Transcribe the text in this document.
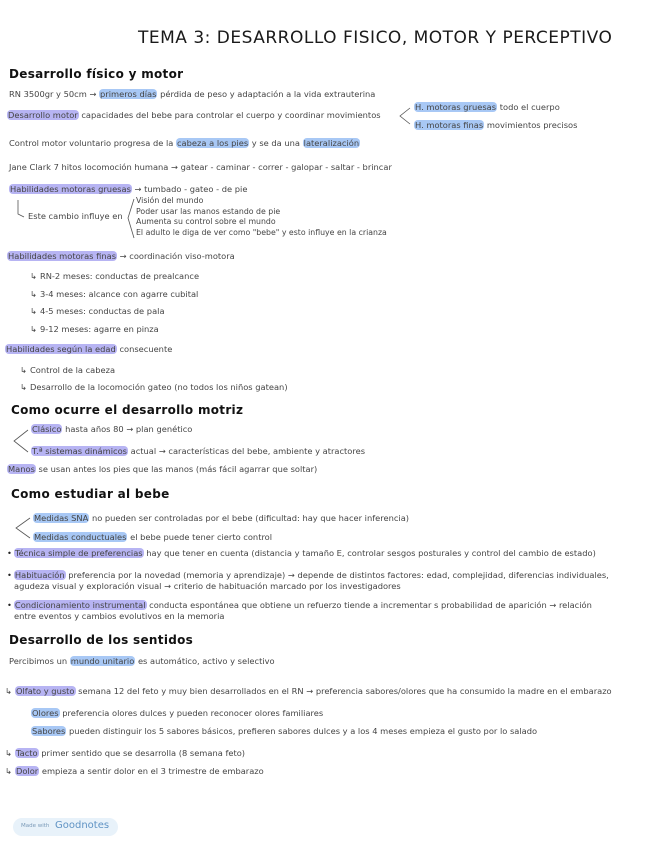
TEMA 3: DESARROLLO FISICO, MOTOR Y PERCEPTIVO
Desarrollo físico y motor
RN 3500gr y 50cm → primeros días pérdida de peso y adaptación a la vida extrauterina
Desarrollo motor capacidades del bebe para controlar el cuerpo y coordinar movimientos
H. motoras gruesas todo el cuerpo
H. motoras finas movimientos precisos
Control motor voluntario progresa de la cabeza a los pies y se da una lateralización
Jane Clark 7 hitos locomoción humana → gatear - caminar - correr - galopar - saltar - brincar
Habilidades motoras gruesas → tumbado - gateo - de pie
Este cambio influye en
Visión del mundo
Poder usar las manos estando de pie
Aumenta su control sobre el mundo
El adulto le diga de ver como "bebe" y esto influye en la crianza
Habilidades motoras finas → coordinación viso-motora
↳ RN-2 meses: conductas de prealcance
↳ 3-4 meses: alcance con agarre cubital
↳ 4-5 meses: conductas de pala
↳ 9-12 meses: agarre en pinza
Habilidades según la edad consecuente
↳ Control de la cabeza
↳ Desarrollo de la locomoción gateo (no todos los niños gatean)
Como ocurre el desarrollo motriz
Clásico hasta años 80 → plan genético
T.ª sistemas dinámicos actual → características del bebe, ambiente y atractores
Manos se usan antes los pies que las manos (más fácil agarrar que soltar)
Como estudiar al bebe
Medidas SNA no pueden ser controladas por el bebe (dificultad: hay que hacer inferencia)
Medidas conductuales el bebe puede tener cierto control
• Técnica simple de preferencias hay que tener en cuenta (distancia y tamaño E, controlar sesgos posturales y control del cambio de estado)
• Habituación preferencia por la novedad (memoria y aprendizaje) → depende de distintos factores: edad, complejidad, diferencias individuales,
agudeza visual y exploración visual → criterio de habituación marcado por los investigadores
• Condicionamiento instrumental conducta espontánea que obtiene un refuerzo tiende a incrementar s probabilidad de aparición → relación
entre eventos y cambios evolutivos en la memoria
Desarrollo de los sentidos
Percibimos un mundo unitario es automático, activo y selectivo
↳ Olfato y gusto semana 12 del feto y muy bien desarrollados en el RN → preferencia sabores/olores que ha consumido la madre en el embarazo
Olores preferencia olores dulces y pueden reconocer olores familiares
Sabores pueden distinguir los 5 sabores básicos, prefieren sabores dulces y a los 4 meses empieza el gusto por lo salado
↳ Tacto primer sentido que se desarrolla (8 semana feto)
↳ Dolor empieza a sentir dolor en el 3 trimestre de embarazo
Made with Goodnotes
